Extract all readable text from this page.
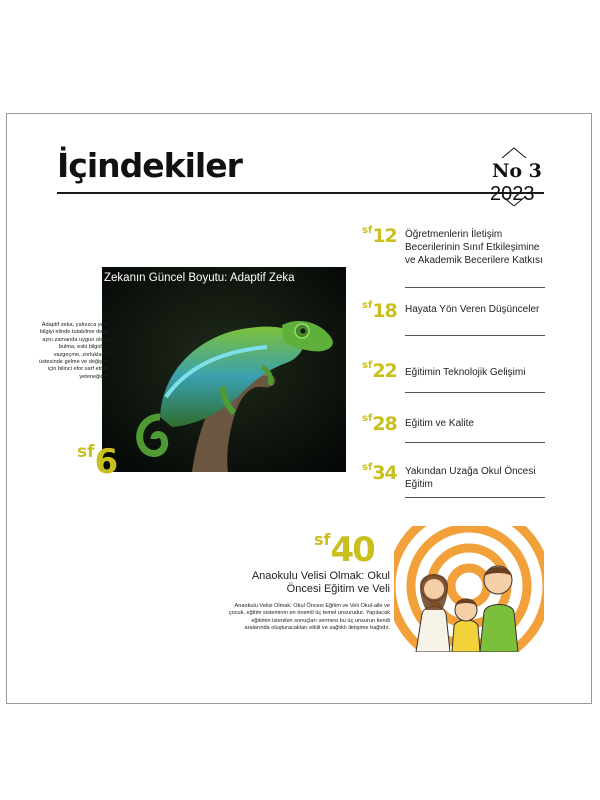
İçindekiler	No 3
2023
Zekanın Güncel Boyutu: Adaptif Zeka
Adaptif zeka, yalnızca yeni bilgiyi elinde tutabilme değil aynı zamanda uygun olanı bulma, eski bilgiden vazgeçme, zorlukların üstesinde gelme ve değişim için bilinci efor sarf etme yeteneğidir.
sf6
$^{sf}$12 Öğretmenlerin İletişim Becerilerinin Sınıf Etkileşimine ve Akademik Becerilere Katkısı
$^{sf}$18 Hayata Yön Veren Düşünceler
$^{sf}$22 Eğitimin Teknolojik Gelişimi
$^{sf}$28 Eğitim ve Kalite
$^{sf}$34 Yakından Uzağa Okul Öncesi Eğitim
sf40
Anaokulu Velisi Olmak: Okul Öncesi Eğitim ve Veli
Anaokulu Velisi Olmak: Okul Öncesi Eğitim ve Veli Okul-aile ve çocuk, eğitim sisteminin en önemli üç temel unsurudur. Yapılacak eğitimin istenilen sonuçları vermesi bu üç unsurun kendi aralarında oluşturacakları etkili ve sağlıklı iletişime bağlıdır.
